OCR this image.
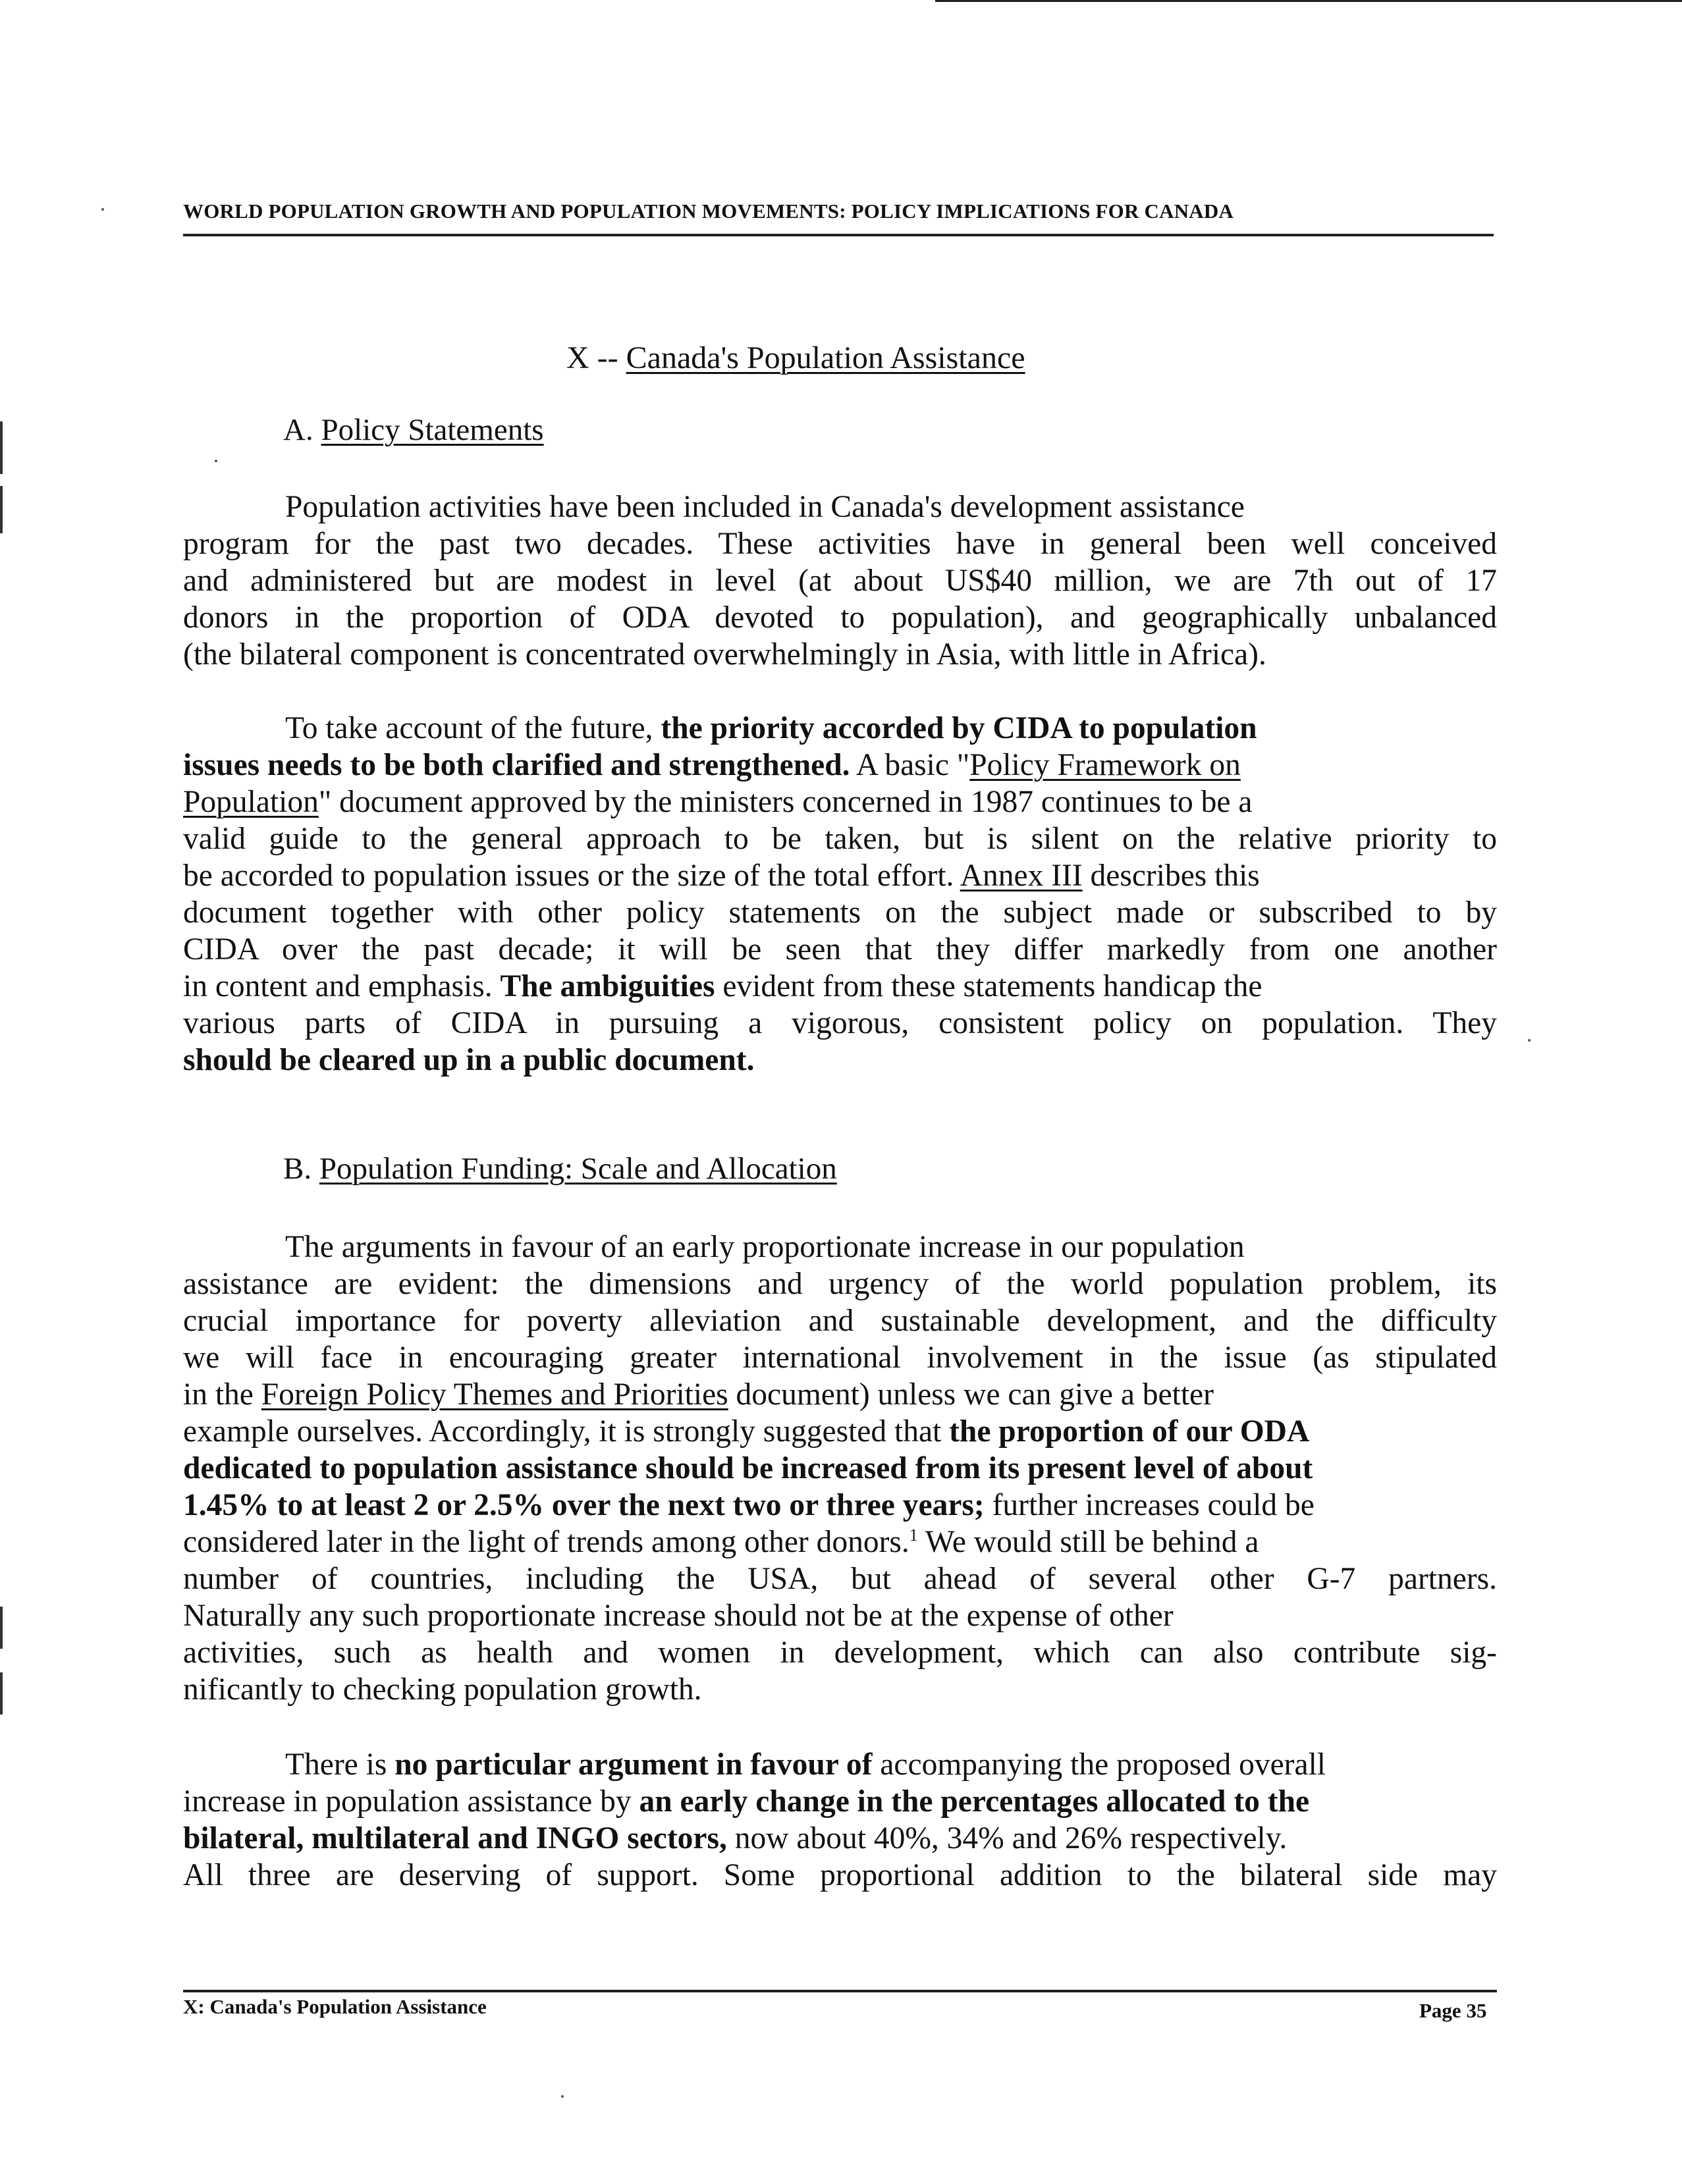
WORLD POPULATION GROWTH AND POPULATION MOVEMENTS: POLICY IMPLICATIONS FOR CANADA
X -- Canada's Population Assistance
A. Policy Statements
Population activities have been included in Canada's development assistance
program for the past two decades. These activities have in general been well conceived
and administered but are modest in level (at about US$40 million, we are 7th out of 17
donors in the proportion of ODA devoted to population), and geographically unbalanced
(the bilateral component is concentrated overwhelmingly in Asia, with little in Africa).
To take account of the future, the priority accorded by CIDA to population
issues needs to be both clarified and strengthened. A basic "Policy Framework on
Population" document approved by the ministers concerned in 1987 continues to be a
valid guide to the general approach to be taken, but is silent on the relative priority to
be accorded to population issues or the size of the total effort. Annex III describes this
document together with other policy statements on the subject made or subscribed to by
CIDA over the past decade; it will be seen that they differ markedly from one another
in content and emphasis. The ambiguities evident from these statements handicap the
various parts of CIDA in pursuing a vigorous, consistent policy on population. They
should be cleared up in a public document.
B. Population Funding: Scale and Allocation
The arguments in favour of an early proportionate increase in our population
assistance are evident: the dimensions and urgency of the world population problem, its
crucial importance for poverty alleviation and sustainable development, and the difficulty
we will face in encouraging greater international involvement in the issue (as stipulated
in the Foreign Policy Themes and Priorities document) unless we can give a better
example ourselves. Accordingly, it is strongly suggested that the proportion of our ODA
dedicated to population assistance should be increased from its present level of about
1.45% to at least 2 or 2.5% over the next two or three years; further increases could be
considered later in the light of trends among other donors.$^1$ We would still be behind a
number of countries, including the USA, but ahead of several other G-7 partners.
Naturally any such proportionate increase should not be at the expense of other
activities, such as health and women in development, which can also contribute sig-
nificantly to checking population growth.
There is no particular argument in favour of accompanying the proposed overall
increase in population assistance by an early change in the percentages allocated to the
bilateral, multilateral and INGO sectors, now about 40%, 34% and 26% respectively.
All three are deserving of support. Some proportional addition to the bilateral side may
X: Canada's Population Assistance	Page 35
